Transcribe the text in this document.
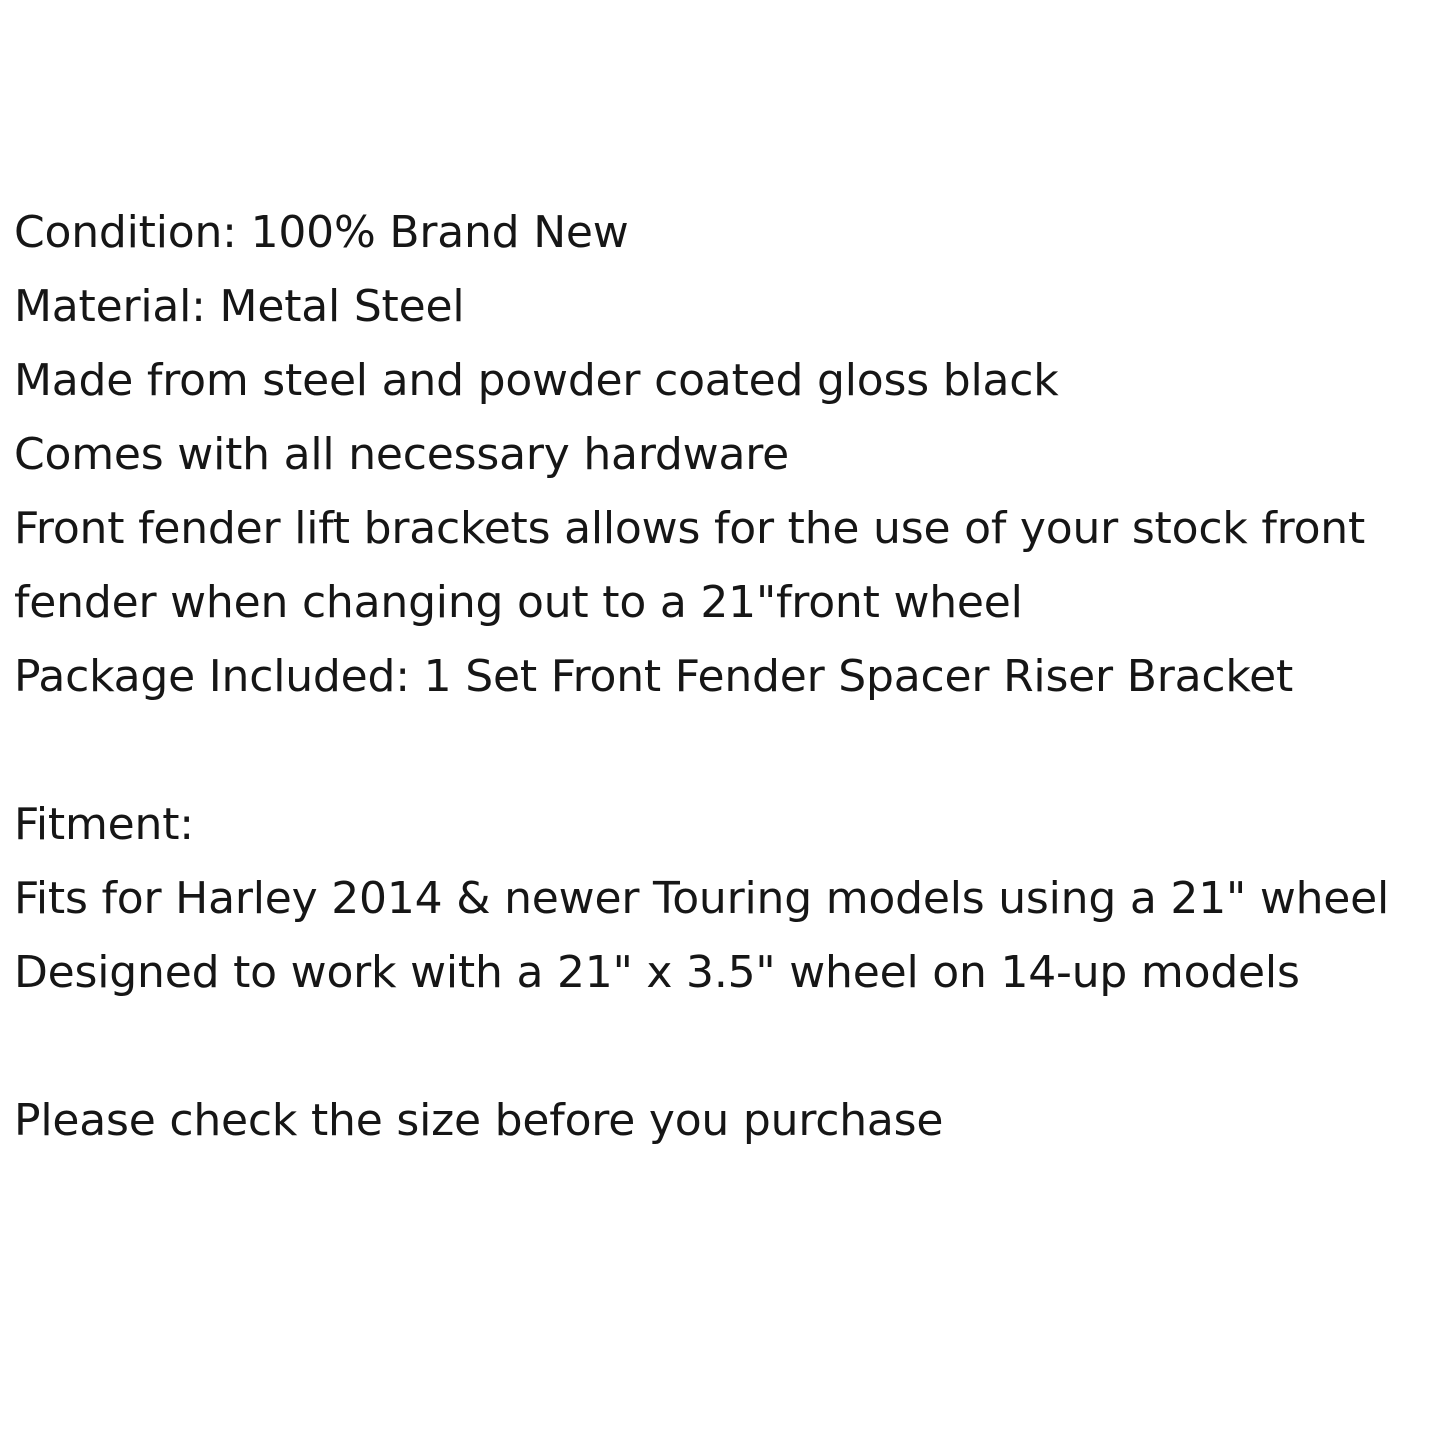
Condition: 100% Brand New
Material: Metal Steel
Made from steel and powder coated gloss black
Comes with all necessary hardware
Front fender lift brackets allows for the use of your stock front
fender when changing out to a 21"front wheel
Package Included: 1 Set Front Fender Spacer Riser Bracket
Fitment:
Fits for Harley 2014 & newer Touring models using a 21" wheel
Designed to work with a 21" x 3.5" wheel on 14-up models
Please check the size before you purchase
